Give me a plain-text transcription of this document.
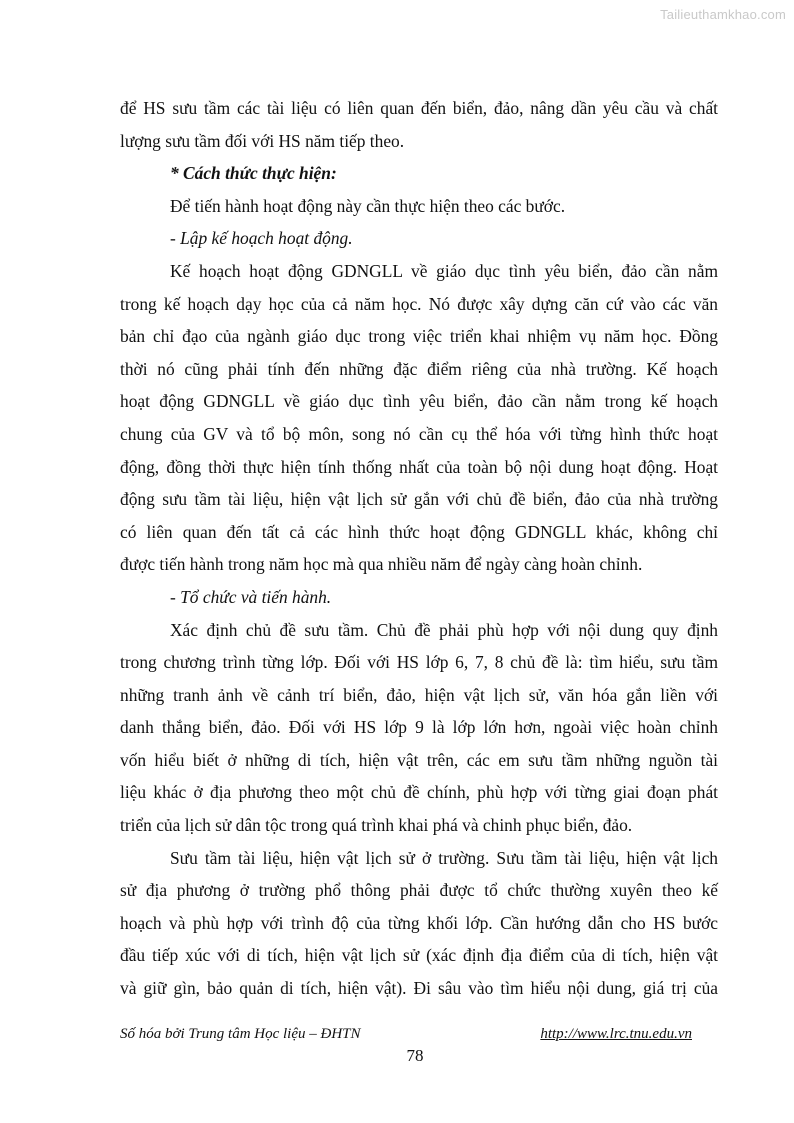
Tailieuthamkhao.com
để HS sưu tầm các tài liệu có liên quan đến biển, đảo, nâng dần yêu cầu và chất
lượng sưu tầm đối với HS năm tiếp theo.
* Cách thức thực hiện:
Để tiến hành hoạt động này cần thực hiện theo các bước.
- Lập kế hoạch hoạt động.
Kế hoạch hoạt động GDNGLL về giáo dục tình yêu biển, đảo cần nằm
trong kế hoạch dạy học của cả năm học. Nó được xây dựng căn cứ vào các văn
bản chỉ đạo của ngành giáo dục trong việc triển khai nhiệm vụ năm học. Đồng
thời nó cũng phải tính đến những đặc điểm riêng của nhà trường. Kế hoạch
hoạt động GDNGLL về giáo dục tình yêu biển, đảo cần nằm trong kế hoạch
chung của GV và tổ bộ môn, song nó cần cụ thể hóa với từng hình thức hoạt
động, đồng thời thực hiện tính thống nhất của toàn bộ nội dung hoạt động. Hoạt
động sưu tầm tài liệu, hiện vật lịch sử gắn với chủ đề biển, đảo của nhà trường
có liên quan đến tất cả các hình thức hoạt động GDNGLL khác, không chỉ
được tiến hành trong năm học mà qua nhiều năm để ngày càng hoàn chỉnh.
- Tổ chức và tiến hành.
Xác định chủ đề sưu tầm. Chủ đề phải phù hợp với nội dung quy định
trong chương trình từng lớp. Đối với HS lớp 6, 7, 8 chủ đề là: tìm hiểu, sưu tầm
những tranh ảnh về cảnh trí biển, đảo, hiện vật lịch sử, văn hóa gắn liền với
danh thắng biển, đảo. Đối với HS lớp 9 là lớp lớn hơn, ngoài việc hoàn chỉnh
vốn hiểu biết ở những di tích, hiện vật trên, các em sưu tầm những nguồn tài
liệu khác ở địa phương theo một chủ đề chính, phù hợp với từng giai đoạn phát
triển của lịch sử dân tộc trong quá trình khai phá và chinh phục biển, đảo.
Sưu tầm tài liệu, hiện vật lịch sử ở trường. Sưu tầm tài liệu, hiện vật lịch
sử địa phương ở trường phổ thông phải được tổ chức thường xuyên theo kế
hoạch và phù hợp với trình độ của từng khối lớp. Cần hướng dẫn cho HS bước
đầu tiếp xúc với di tích, hiện vật lịch sử (xác định địa điểm của di tích, hiện vật
và giữ gìn, bảo quản di tích, hiện vật). Đi sâu vào tìm hiểu nội dung, giá trị của
Số hóa bởi Trung tâm Học liệu – ĐHTN	http://www.lrc.tnu.edu.vn
78
